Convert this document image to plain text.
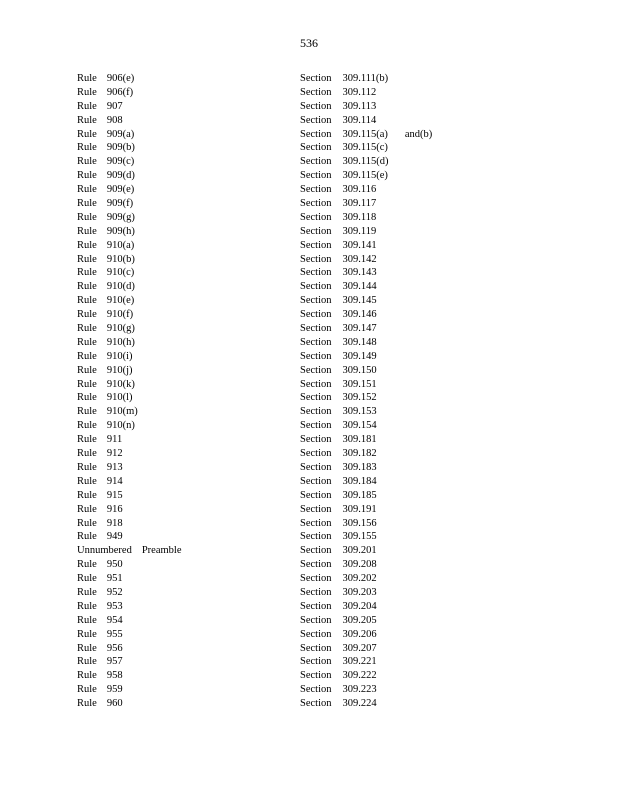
536
Rule 906(e)	Section 309.111(b)
Rule 906(f)	Section 309.112
Rule 907	Section 309.113
Rule 908	Section 309.114
Rule 909(a)	Section 309.115(a) and(b)
Rule 909(b)	Section 309.115(c)
Rule 909(c)	Section 309.115(d)
Rule 909(d)	Section 309.115(e)
Rule 909(e)	Section 309.116
Rule 909(f)	Section 309.117
Rule 909(g)	Section 309.118
Rule 909(h)	Section 309.119
Rule 910(a)	Section 309.141
Rule 910(b)	Section 309.142
Rule 910(c)	Section 309.143
Rule 910(d)	Section 309.144
Rule 910(e)	Section 309.145
Rule 910(f)	Section 309.146
Rule 910(g)	Section 309.147
Rule 910(h)	Section 309.148
Rule 910(i)	Section 309.149
Rule 910(j)	Section 309.150
Rule 910(k)	Section 309.151
Rule 910(l)	Section 309.152
Rule 910(m)	Section 309.153
Rule 910(n)	Section 309.154
Rule 911	Section 309.181
Rule 912	Section 309.182
Rule 913	Section 309.183
Rule 914	Section 309.184
Rule 915	Section 309.185
Rule 916	Section 309.191
Rule 918	Section 309.156
Rule 949	Section 309.155
Unnumbered Preamble	Section 309.201
Rule 950	Section 309.208
Rule 951	Section 309.202
Rule 952	Section 309.203
Rule 953	Section 309.204
Rule 954	Section 309.205
Rule 955	Section 309.206
Rule 956	Section 309.207
Rule 957	Section 309.221
Rule 958	Section 309.222
Rule 959	Section 309.223
Rule 960	Section 309.224
